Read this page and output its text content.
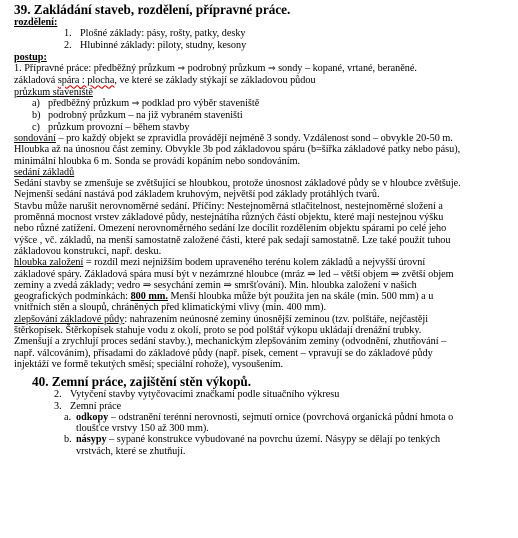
39. Zakládání staveb, rozdělení, přípravné práce.
rozdělení:
1. Plošné základy: pásy, rošty, patky, desky
2. Hlubinné základy: piloty, studny, kesony
postup:
1. Přípravné práce: předběžný průzkum ⇒ podrobný průzkum ⇒ sondy – kopané, vrtané, beraněné.
základová spára : plocha, ve které se základy stýkají se základovou půdou
průzkum staveniště
a) předběžný průzkum ⇒ podklad pro výběr staveniště
b) podrobný průzkum – na již vybraném staveništi
c) průzkum provozní – během stavby
sondování – pro každý objekt se zpravidla provádějí nejméně 3 sondy. Vzdálenost sond – obvykle 20-50 m.
Hloubka až na únosnou část zeminy. Obvykle 3b pod základovou spáru (b=šířka základové patky nebo pásu),
minimální hloubka 6 m. Sonda se provádí kopáním nebo sondováním.
sedání základů
Sedání stavby se zmenšuje se zvětšující se hloubkou, protože únosnost základové půdy se v hloubce zvětšuje.
Nejmenší sedání nastává pod základem kruhovým, největší pod základy protáhlých tvarů.
Stavbu může narušit nerovnoměrné sedání. Příčiny: Nestejnoměrná stlačitelnost, nestejnoměrné složení a
proměnná mocnost vrstev základové půdy, nestejnátíha různých částí objektu, které mají nestejnou výšku
nebo různé zatížení. Omezení nerovnoměrného sedání lze docílit rozdělením objektu spárami po celé jeho
výšce , vč. základů, na menší samostatně založené části, které pak sedají samostatně. Lze také použít tuhou
základovou konstrukci, např. desku.
hloubka založení = rozdíl mezi nejnižším bodem upraveného terénu kolem základů a nejvyšší úrovní
základové spáry. Základová spára musí být v nezámrzné hloubce (mráz ⇒ led – větší objem ⇒ zvětší objem
zeminy a zvedá základy; vedro ⇒ sesychání zemin ⇒ smršťování). Min. hloubka založení v našich
geografických podmínkách: 800 mm. Menší hloubka může být použita jen na skále (min. 500 mm) a u
vnitřních stěn a sloupů, chráněných před klimatickými vlivy (min. 400 mm).
zlepšování základové půdy: nahrazením neúnosné zeminy únosnější zeminou (tzv. polštáře, nejčastěji
štěrkopísek. Štěrkopísek stahuje vodu z okolí, proto se pod polštář výkopu ukládají drenážní trubky.
Zmenšují a zrychlují proces sedání stavby.), mechanickým zlepšováním zeminy (odvodnění, zhutňování –
např. válcováním), přísadami do základové půdy (např. písek, cement – vpravují se do základové půdy
injektáží ve formě tekutých směsí; speciální rohože), vysoušením.
40. Zemní práce, zajištění stěn výkopů.
2. Vytyčení stavby vytyčovacími značkami podle situačního výkresu
3. Zemní práce
a. odkopy – odstranění terénní nerovnosti, sejmutí ornice (povrchová organická půdní hmota o
tloušťce vrstvy 150 až 300 mm).
b. násypy – sypané konstrukce vybudované na povrchu území. Násypy se dělají po tenkých
vrstvách, které se zhutňují.
